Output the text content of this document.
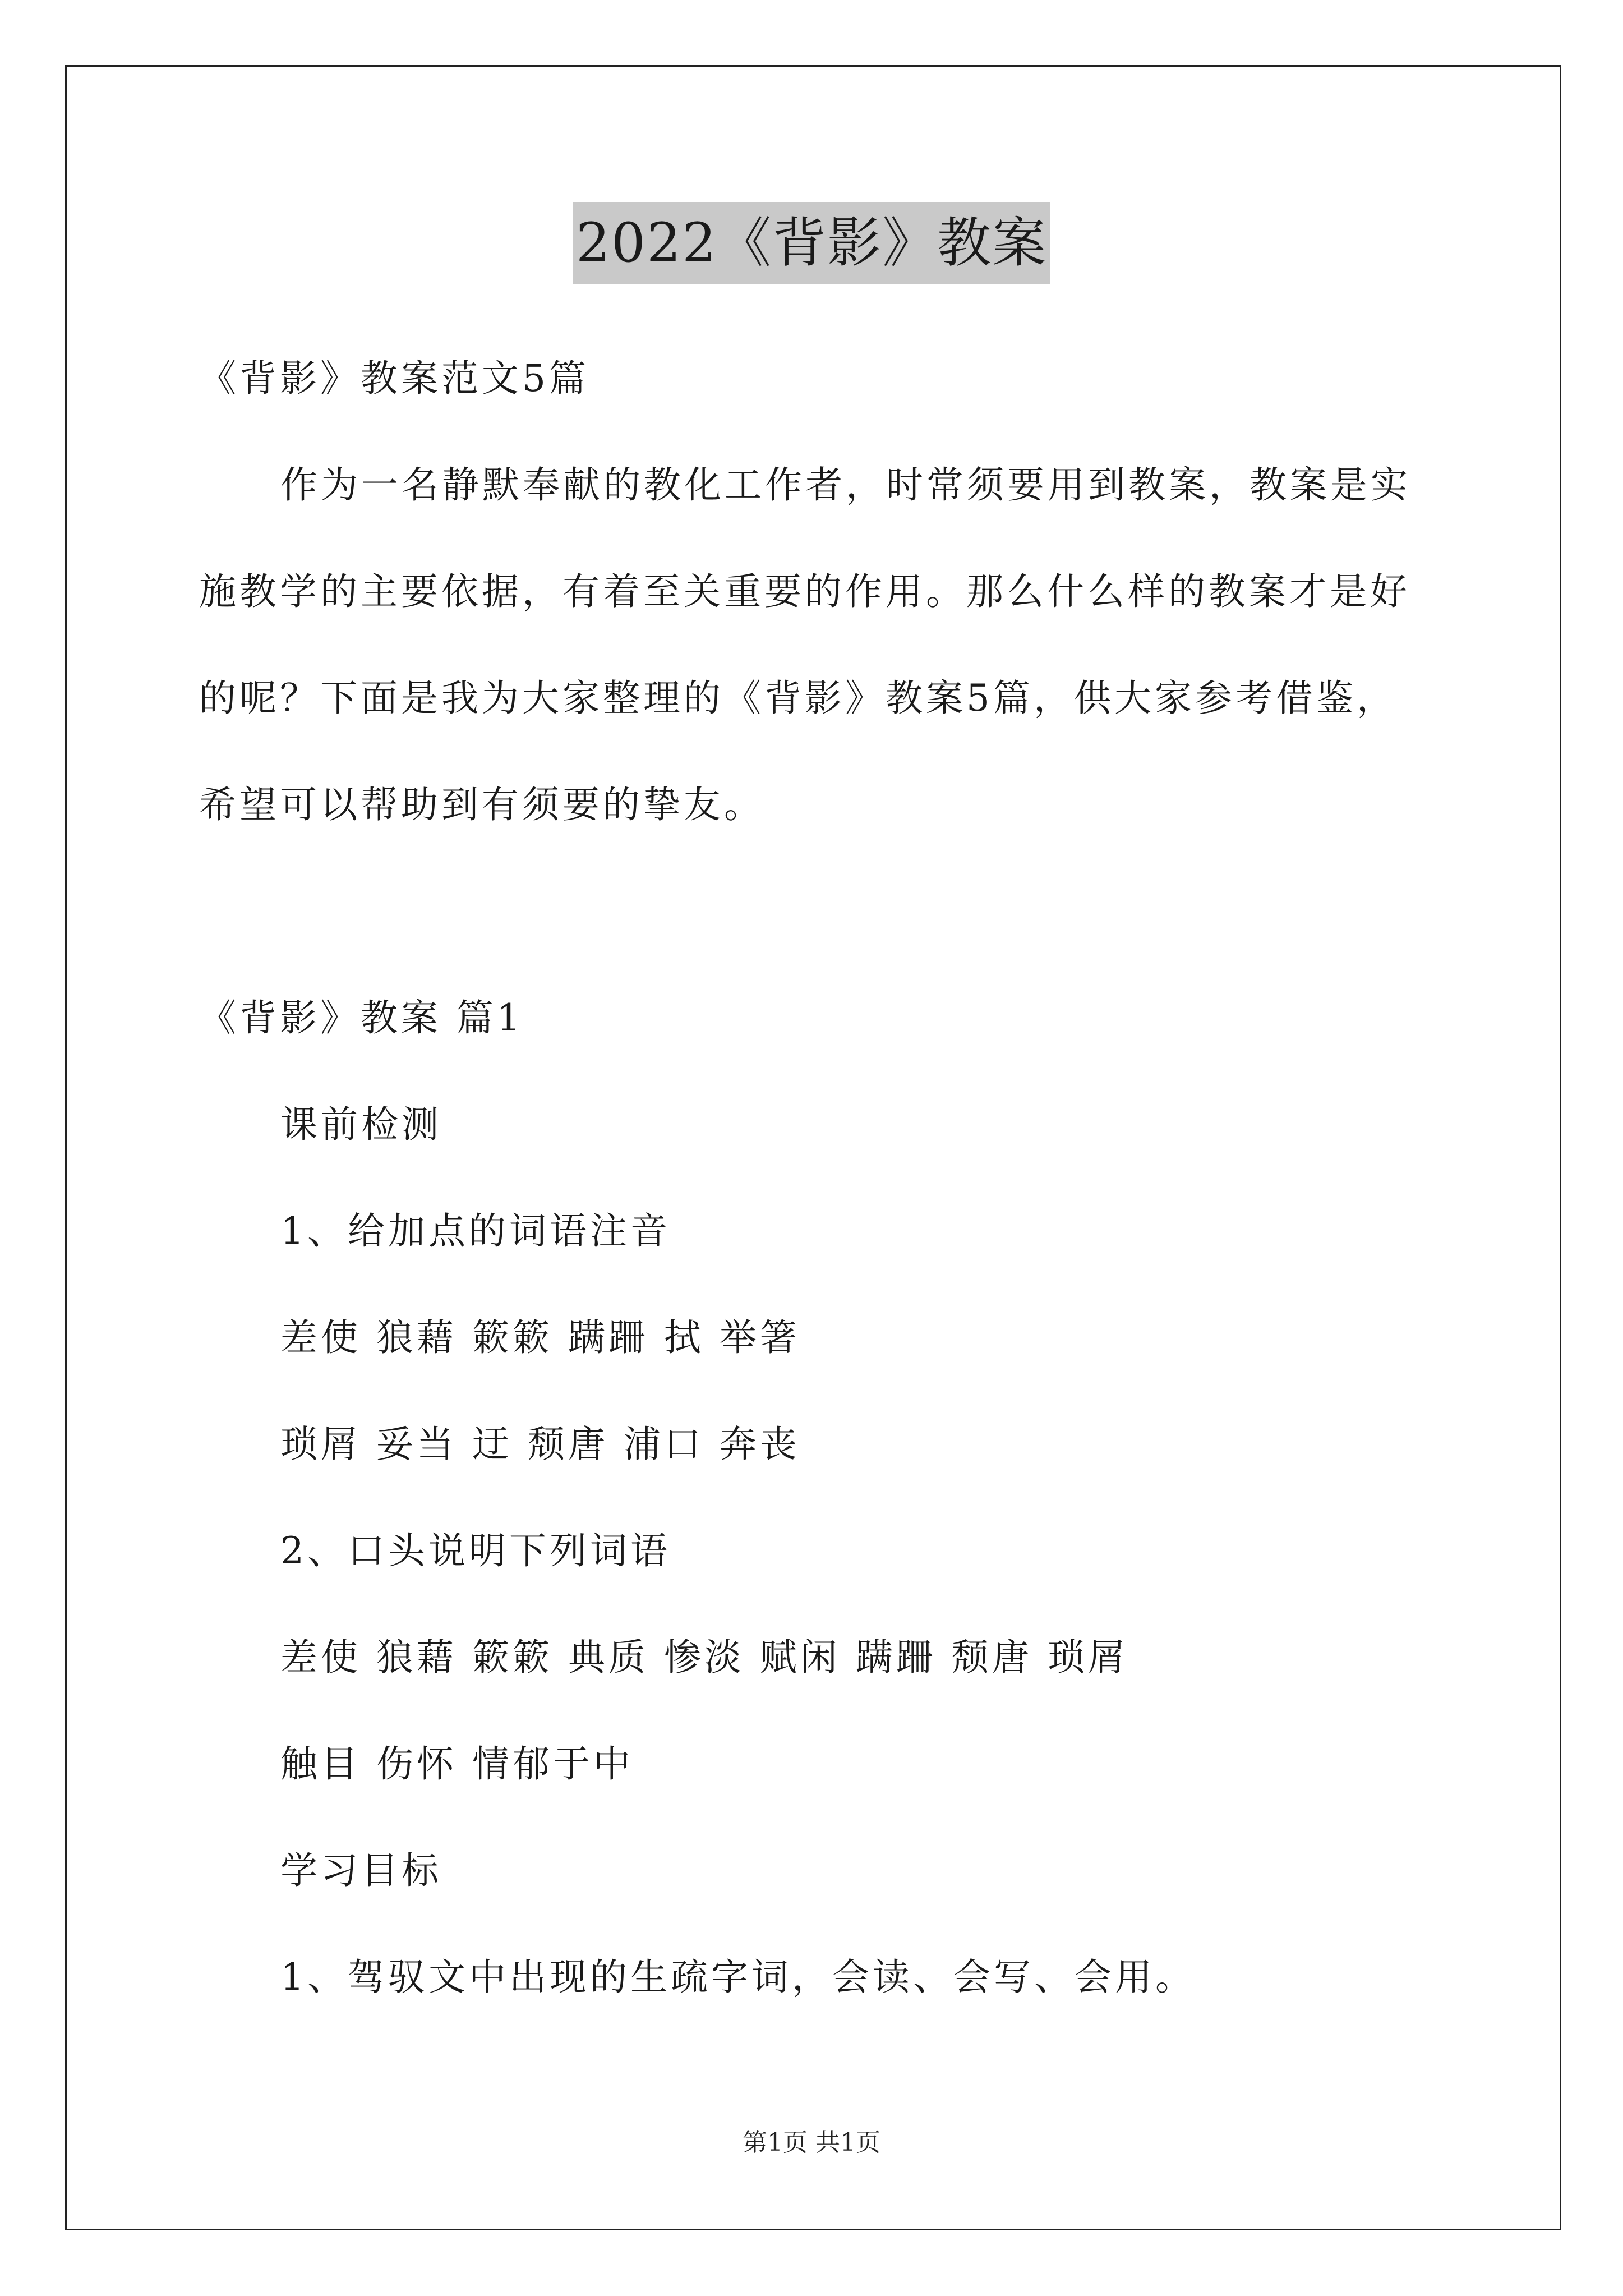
2022《背影》教案
《背影》教案范文5篇
作为一名静默奉献的教化工作者，时常须要用到教案，教案是实
施教学的主要依据，有着至关重要的作用。那么什么样的教案才是好
的呢？下面是我为大家整理的《背影》教案5篇，供大家参考借鉴，
希望可以帮助到有须要的挚友。
《背影》教案 篇1
课前检测
1、给加点的词语注音
差使 狼藉 簌簌 蹒跚 拭 举箸
琐屑 妥当 迂 颓唐 浦口 奔丧
2、口头说明下列词语
差使 狼藉 簌簌 典质 惨淡 赋闲 蹒跚 颓唐 琐屑
触目 伤怀 情郁于中
学习目标
1、驾驭文中出现的生疏字词，会读、会写、会用。
第1页 共1页
